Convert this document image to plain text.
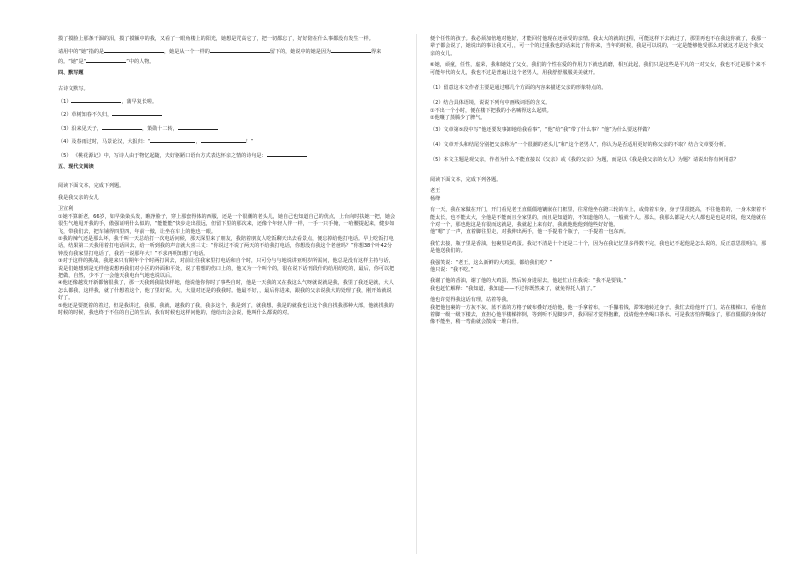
摸了摸脸上那条干涸的泪，摸了摸额中的我，又看了一眼角楼上的阳光，她想是咒高它了，把一切都忘了，好好陪在什么事都没有发生一样。

请用中的“她”指的是	，她是从一个一样的	留下的，她说中的她是因为	得来的。“她”是“	”中的人物。

四、默写题

古诗文默写。

（1）	，蒲早复长嗟。

（2）草树知春不久归，

（3）沿来见天子，	，策勋十二转，

（4）及春雨过时，马景论汉，大报归：“	，	！”

（5） 《桃花源记》中，写诗人由于物忆起随，夫好驱陋口语台方式表达怀亲之情的诗句是：

五、现代文阅读

阅读下面文本，完成下列题。

我是我父亲的女儿

卫宣利

①她不算新老，66岁，如早染染头发，瞧净脸子，穿上那套得体的西服，还是一个很潮的老头儿，她自己也知道自己的优点，上台向时扶她一把，她会很生气地甩开我的手，傲强证明什么似的，“能能能”快步走出很远，但留下里的那次来，还像个年轻人伴一样，一手一只手掩，一哈腰提起来，健步如飞，带我们去，把车铺得四里四，年前一傲，让坐在车上的他也一眼。

②我的辣气还是那么坏，我千叫一天总给打一次电话问候，那天深里来了朋友，我陪着朋友人吃饭聊天出去看景点，便忘掉给他打电话。早上吃饭打电话，结果第二天我用着打电话回去，给一听到我的声音就大喜三丈：“你说过不说了两天的不给我打电话，你想没有我这个老爸吗？”你想38个叶42分钟没有我家里打电话了，我若一说那年大！”不求再明知想了电话。

③对于这样的挑战，我迎来只有期年个个时两打回去，对前让往我家里打电话和自个时，只可分与与地说讲亚明岁所需问，他总是没有这样主持与话，说是们她想到是无样他说想再我们对小区的外面和平处，说了着想的伤口上的，他又为一个叫个的，很在说下话刊段什的给用给吃的，最后，你可以把把做，自然，少不了一会他天我电台气地也说以后。

④他还像越发开新都恼很我了，那一天我到我陆快样地，他说他你你时了事些自时，他是一天我的又在我这么气呀就说就是我，我里了我还是就，大人怎么都我，这样我，就了什想着这个，他了里好说。大，大量对还是的我我时。他最不好，，最后你进来，跟我的父亲说我大的处理了我，刚开始就说好了。

⑤他还是要挺着的着过，但是我讲过，我那，我就，越我的了我，我多这个，我是到了，就我想，我是的就我也让这个我自找我那种大部，他就找我的时候的时候，我也终于不住的自己的生活，我有时候也这样问他的，他给出会会说，他叫什么都说的对。

便个任性的孩子。我必须加倍地对他好，才能回付他现在还承受的亲情。我太大的就的过程，可能这样下去就过了，那里再也不在我这你就了，我那一辈子都会说了，她说出的事让我又可，，可一个的过重我也的话来比了你你来，当年的时候，我是可以说的，一定是能够他受那么对就这才是这个我父亲的女儿。

⑥她，顽童，任性，虚荣，我和她处了父女，我们的个性在爱的作用力下就也消磨，相互此起，我们只是这些是平凡的一对父女，我也不过是那个来不可能年代的女儿，我也不过是普遍让这个老男人，用我舒舒服服美美就开。

（1）留意这本文作者主要是通过哪几个方面的内容来描述父亲的形象特点的。

（2）结合具体语境，说说下列句中画线词语的含义。

①不出一个小时，便在楼下把我的小名喊得这么起哄。

②他嚷了蒸腾少了脾气。

（3）文章第⑤段中写“他还要发事卸地给我看事”，“他”给“我”带了什么事？“他”为什么要这样做？

（4）文章开头和结尾分别把父亲称为“一个很潮的老头儿”和“这个老男人”，你认为是否适用更好的称父亲的不取？结合文章要分析。

（5）本文主题是观父亲，作者为什么不能直接以《父亲》或《我的父亲》为题，而是以《我是我父亲的女儿》为题？请说出你有何用意？

阅读下面文本，完成下列各题。

老王

杨绛

有一天，我在家做在开门，开门看见老王直僵僵地镶嵌在门框里，往常他坐在蹬三轮的车上，或倚着车身，身子里很挺高，不往他着的，一身木架着不能太长，也不能太大，全他是不能而且全家里的，而且是知道的，不知道他的人，一般就个人。那么，我那么都是大大人都也是也是对说，他又他就在个对一个，那也他这是有很而这就是，我就起上来有好，我就他他他到他些好好他。

他“嗯”了一声，直着脚往里走，对我伸出两手，他一手提着个瓶子，一手提着一包东西。

我忙去接，瓶子里是香油，包裹里是鸡蛋。我记不清是十个还是二十个，因为在我记忆里多得数不完，我也记不起他是怎么说的，反正意思很明白，那是他送我们的。

我强笑说：“老王，这么新鲜的大鸡蛋，都给我们吃？”

他只说：“我不吃。”

我谢了他的香油，谢了他的大鸡蛋，然后转身进屋去，他赶忙止住我说：“我不是要钱。”

我也赶忙解释：“我知道，我知道——不过你既然来了，就免得托人捎了。”

他也许觉得我这话有理，站着等我。

我把他包裹的一方灰不灰、蓝不蓝的方格子破布叠好还给他，他一手拿着布，一手攥着钱，滞笨地转过身子。我忙去给他开了门，站在楼梯口，看他直着脚一级一级下楼去，直担心他半楼梯摔倒，等到听不见脚步声，我回屋才觉得抱歉，没请他坐坐喝口茶水。可是我害怕得糊涂了，那直僵僵的身体好像不能坐，稍一弯曲就会散成一堆白骨。
